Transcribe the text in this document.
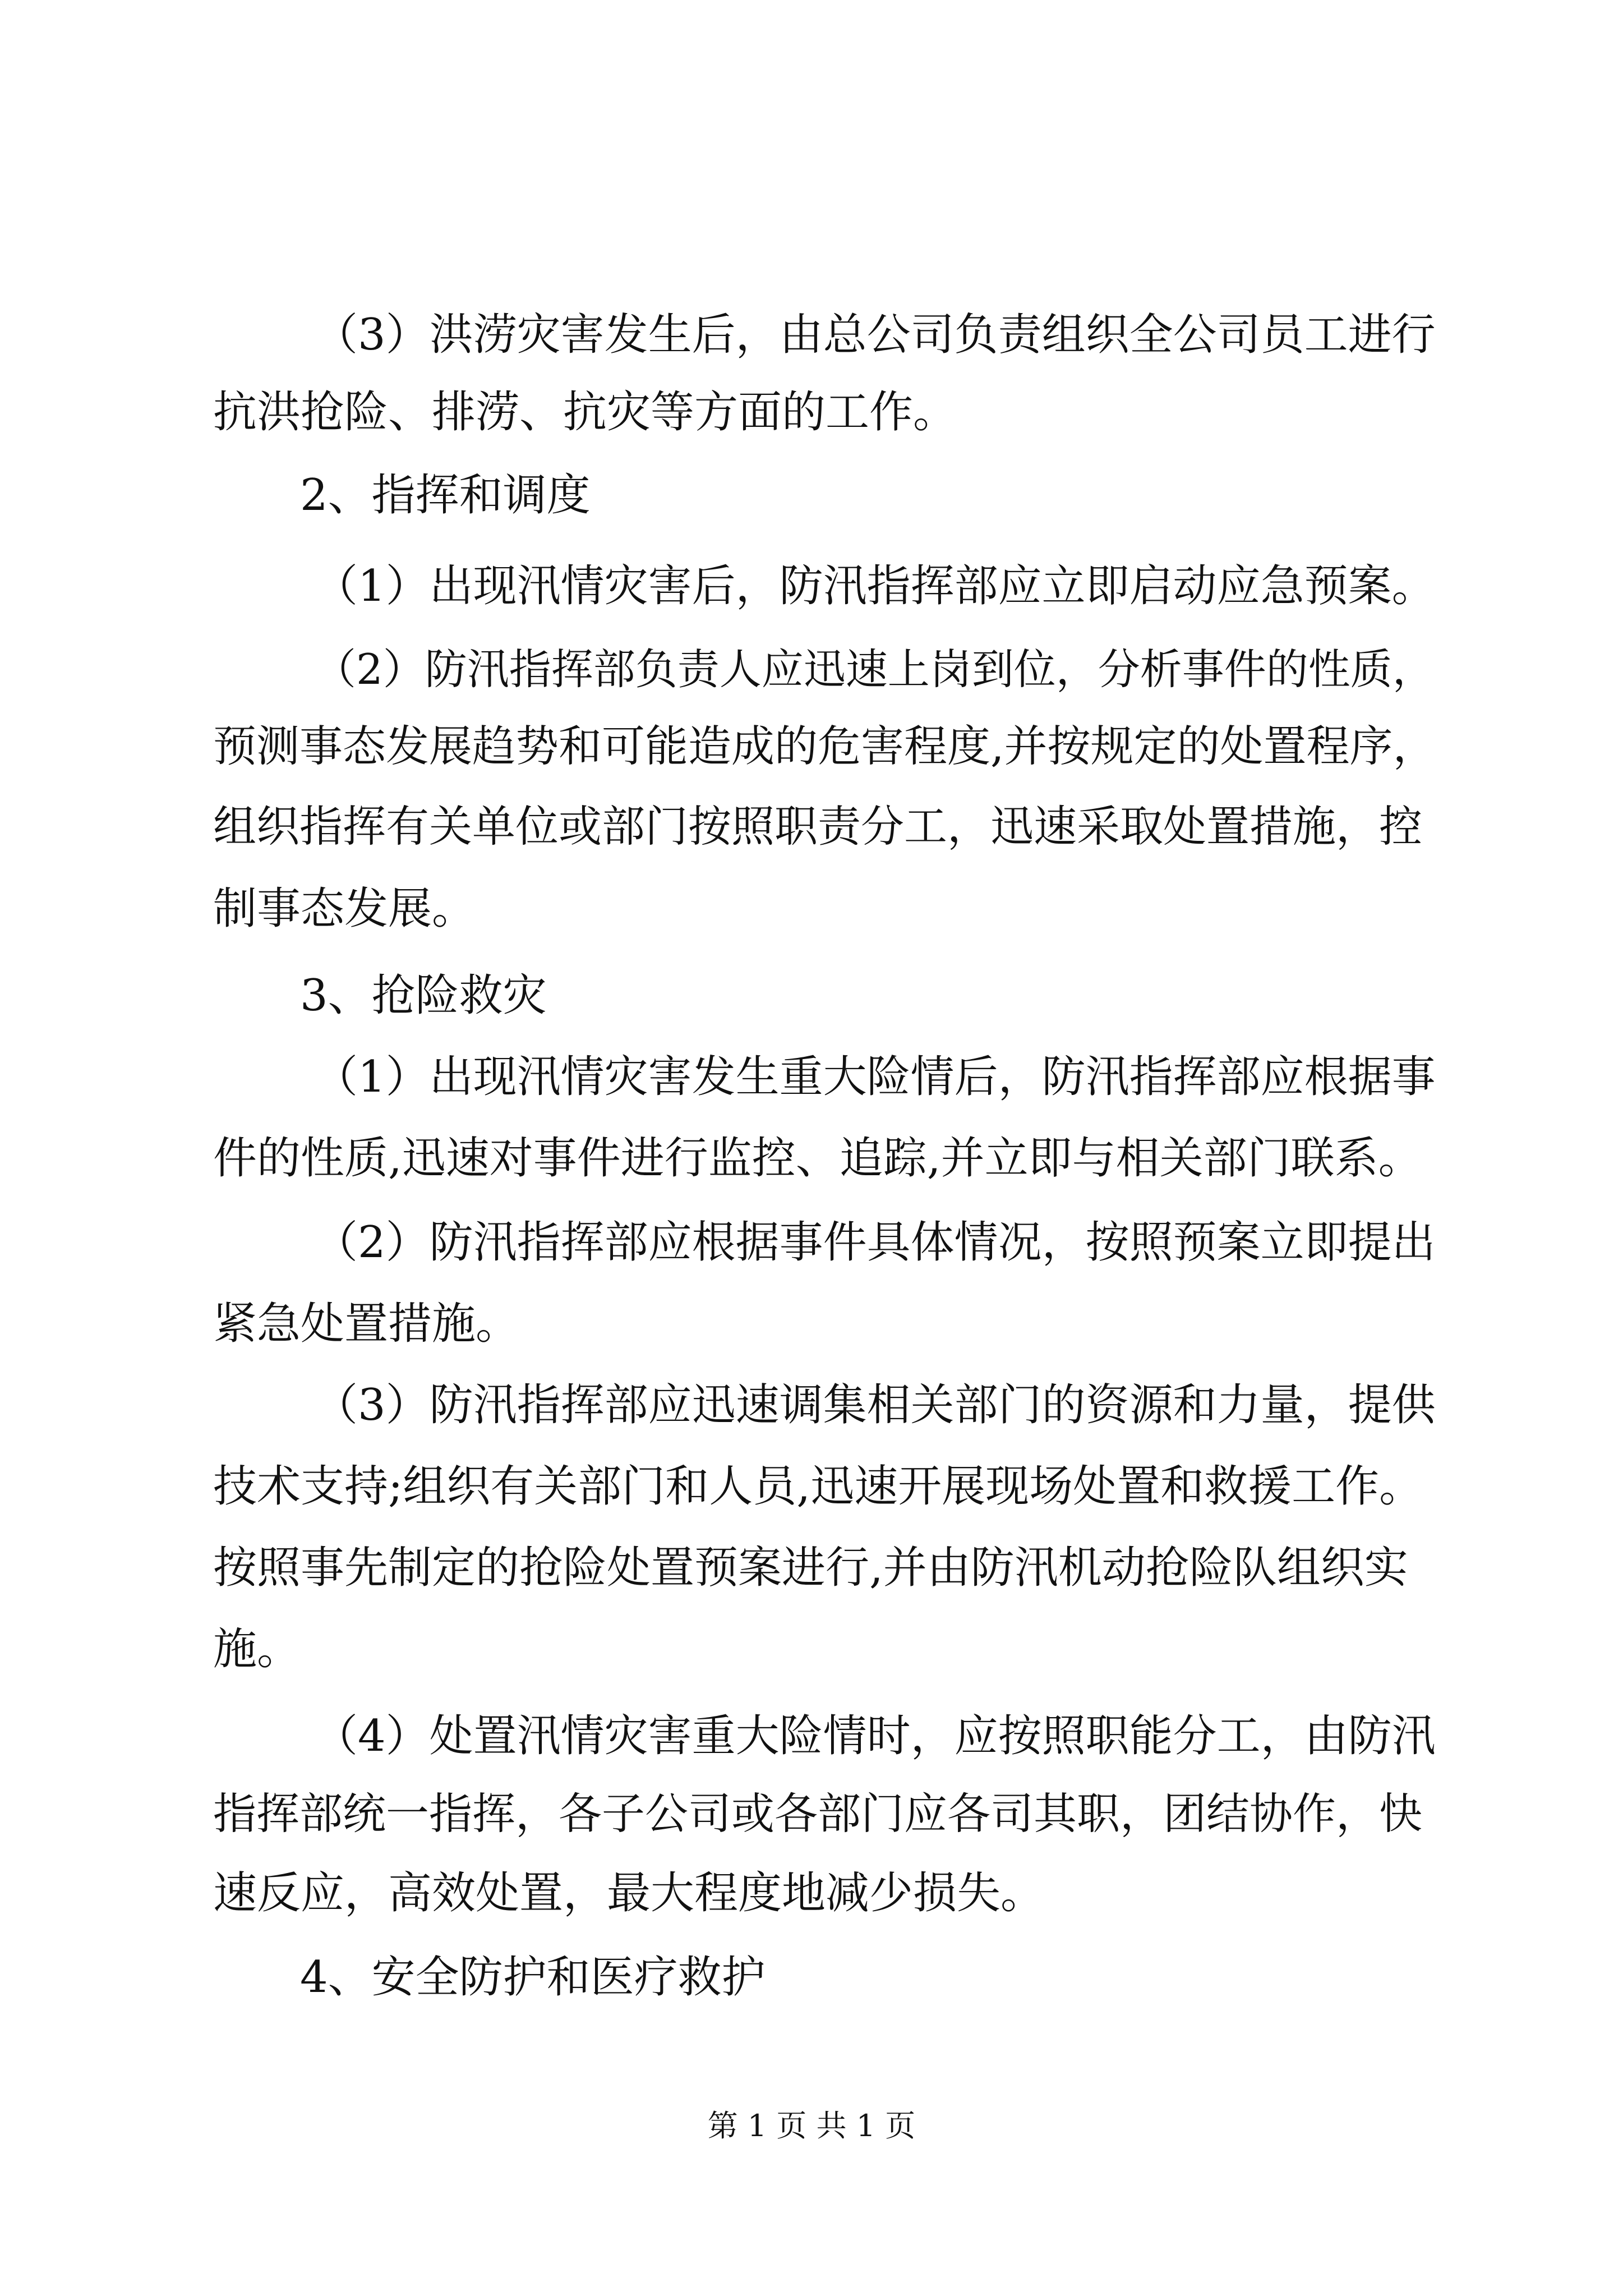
（3）洪涝灾害发生后，由总公司负责组织全公司员工进行
抗洪抢险、排涝、抗灾等方面的工作。
2、指挥和调度
（1）出现汛情灾害后，防汛指挥部应立即启动应急预案。
（2）防汛指挥部负责人应迅速上岗到位，分析事件的性质，
预测事态发展趋势和可能造成的危害程度,并按规定的处置程序，
组织指挥有关单位或部门按照职责分工，迅速采取处置措施，控
制事态发展。
3、抢险救灾
（1）出现汛情灾害发生重大险情后，防汛指挥部应根据事
件的性质,迅速对事件进行监控、追踪,并立即与相关部门联系。
（2）防汛指挥部应根据事件具体情况，按照预案立即提出
紧急处置措施。
（3）防汛指挥部应迅速调集相关部门的资源和力量，提供
技术支持;组织有关部门和人员,迅速开展现场处置和救援工作。
按照事先制定的抢险处置预案进行,并由防汛机动抢险队组织实
施。
（4）处置汛情灾害重大险情时，应按照职能分工，由防汛
指挥部统一指挥，各子公司或各部门应各司其职，团结协作，快
速反应，高效处置，最大程度地减少损失。
4、安全防护和医疗救护
第 1 页 共 1 页
